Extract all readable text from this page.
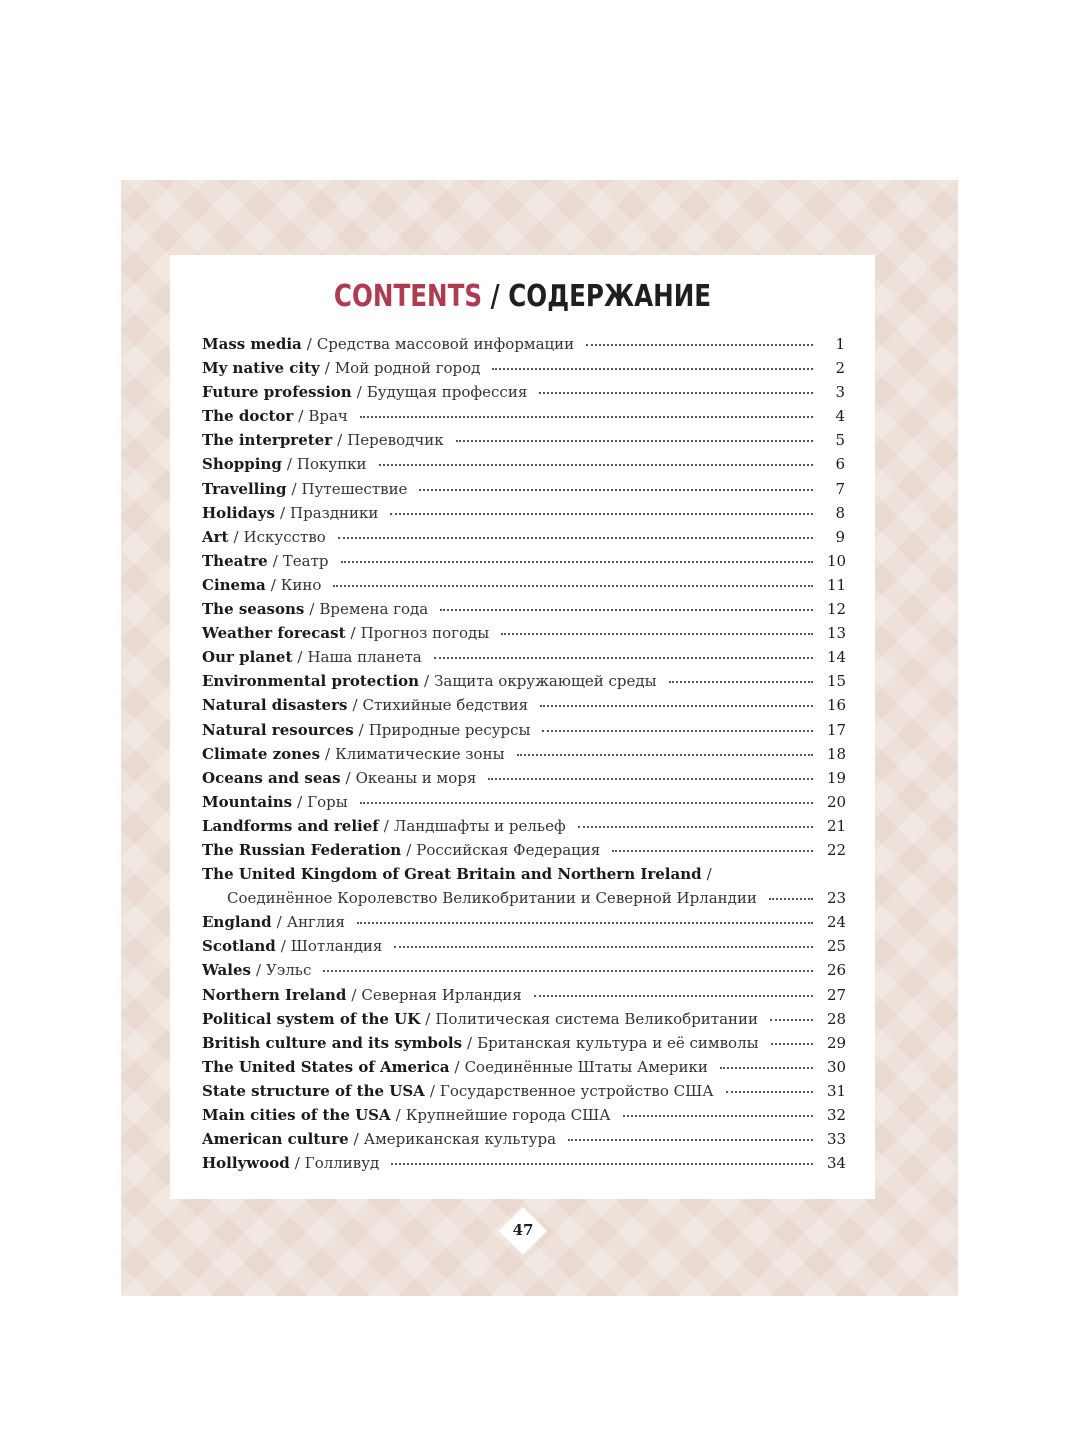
CONTENTS / СОДЕРЖАНИЕ
Mass media / Средства массовой информации	1
My native city / Мой родной город	2
Future profession / Будущая профессия	3
The doctor / Врач	4
The interpreter / Переводчик	5
Shopping / Покупки	6
Travelling / Путешествие	7
Holidays / Праздники	8
Art / Искусство	9
Theatre / Театр	10
Cinema / Кино	11
The seasons / Времена года	12
Weather forecast / Прогноз погоды	13
Our planet / Наша планета	14
Environmental protection / Защита окружающей среды	15
Natural disasters / Стихийные бедствия	16
Natural resources / Природные ресурсы	17
Climate zones / Климатические зоны	18
Oceans and seas / Океаны и моря	19
Mountains / Горы	20
Landforms and relief / Ландшафты и рельеф	21
The Russian Federation / Российская Федерация	22
The United Kingdom of Great Britain and Northern Ireland /
Соединённое Королевство Великобритании и Северной Ирландии	23
England / Англия	24
Scotland / Шотландия	25
Wales / Уэльс	26
Northern Ireland / Северная Ирландия	27
Political system of the UK / Политическая система Великобритании	28
British culture and its symbols / Британская культура и её символы	29
The United States of America / Соединённые Штаты Америки	30
State structure of the USA / Государственное устройство США	31
Main cities of the USA / Крупнейшие города США	32
American culture / Американская культура	33
Hollywood / Голливуд	34
47
